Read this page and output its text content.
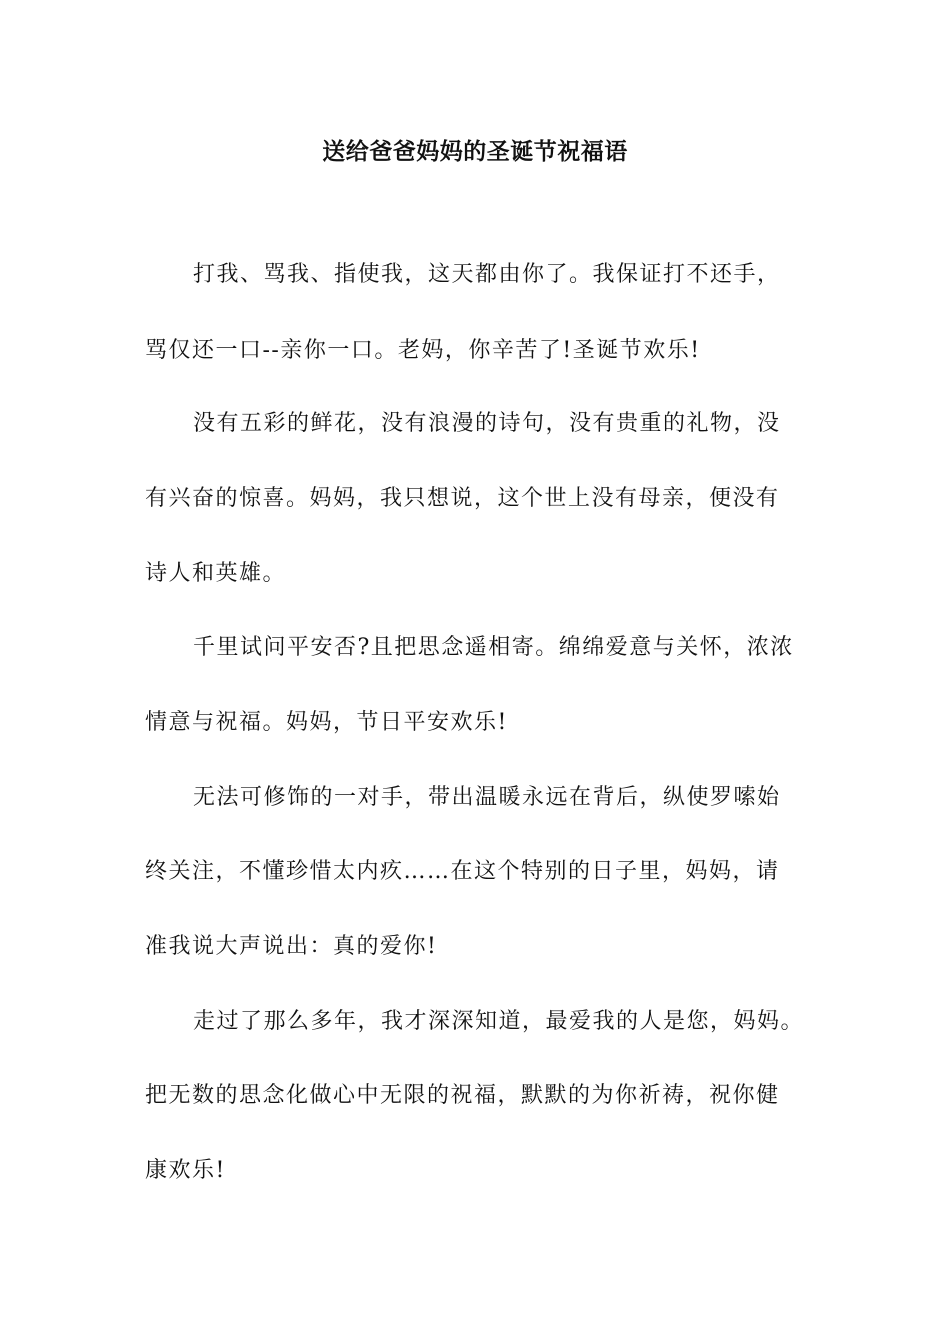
送给爸爸妈妈的圣诞节祝福语

打我、骂我、指使我，这天都由你了。我保证打不还手，

骂仅还一口--亲你一口。老妈，你辛苦了!圣诞节欢乐!

没有五彩的鲜花，没有浪漫的诗句，没有贵重的礼物，没

有兴奋的惊喜。妈妈，我只想说，这个世上没有母亲，便没有

诗人和英雄。

千里试问平安否?且把思念遥相寄。绵绵爱意与关怀，浓浓

情意与祝福。妈妈，节日平安欢乐!

无法可修饰的一对手，带出温暖永远在背后，纵使罗嗦始

终关注，不懂珍惜太内疚……在这个特别的日子里，妈妈，请

准我说大声说出：真的爱你!

走过了那么多年，我才深深知道，最爱我的人是您，妈妈。

把无数的思念化做心中无限的祝福，默默的为你祈祷，祝你健

康欢乐!
